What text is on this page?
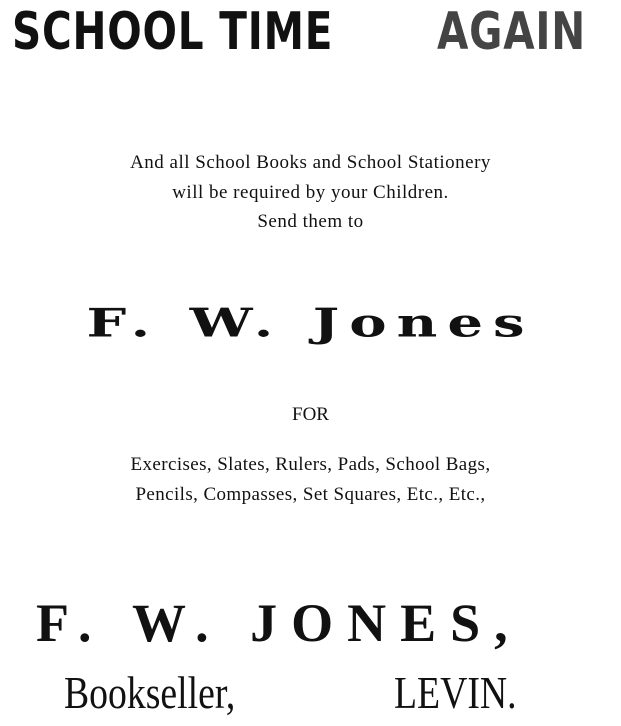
SCHOOL TIME AGAIN
And all School Books and School Stationery
will be required by your Children.
Send them to
F. W. Jones
FOR
Exercises, Slates, Rulers, Pads, School Bags,
Pencils, Compasses, Set Squares, Etc., Etc.,
F. W. JONES,
Bookseller,	LEVIN.
